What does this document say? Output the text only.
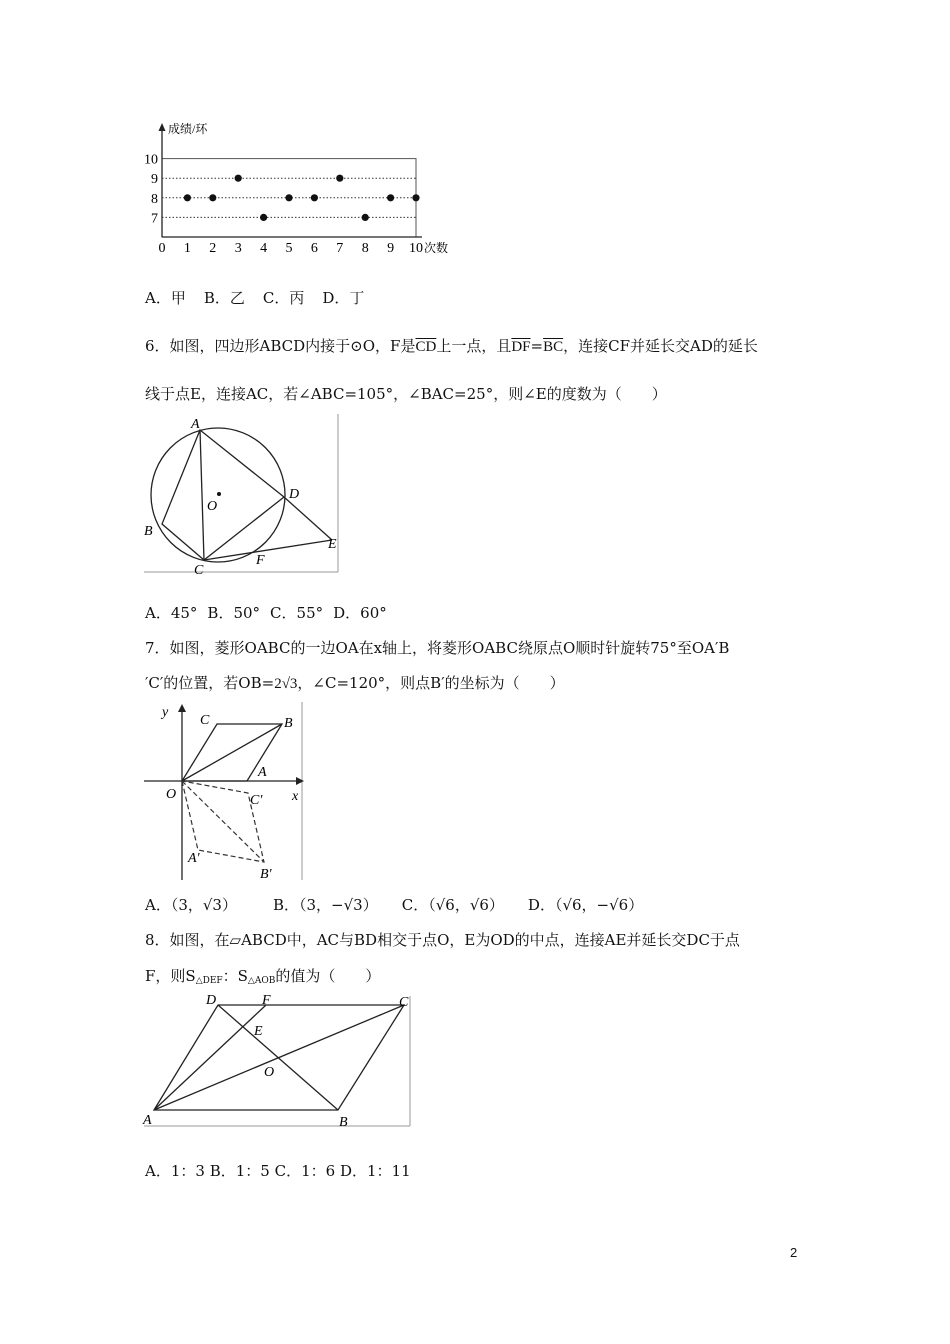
7
8
9
10
0 1 2 3 4 5 6 7 8 9 10
成绩/环
次数
A．甲 B．乙 C．丙 D．丁
6．如图，四边形ABCD内接于⊙O，F是$\overline{CD}$上一点，且$\overline{DF}=\overline{BC}$，连接CF并延长交AD的延长
线于点E，连接AC，若∠ABC=105°，∠BAC=25°，则∠E的度数为（　　）
A
B
C
D
E
F
O
A．45° B．50° C．55° D．60°
7．如图，菱形OABC的一边OA在x轴上，将菱形OABC绕原点O顺时针旋转75°至OA′B
′C′的位置，若OB=2√3，∠C=120°，则点B′的坐标为（　　）
y
x
O
A
B
C
C′
A′
B′
A．（3，√3） B．（3，−√3） C．（√6，√6） D．（√6，−√6）
8．如图，在▱ABCD中，AC与BD相交于点O，E为OD的中点，连接AE并延长交DC于点
F，则$S_{\triangle DEF}$：$S_{\triangle AOB}$的值为（　　）
A	B
C
D
E
F
O
A．1：3 B．1：5 C．1：6 D．1：11
2
